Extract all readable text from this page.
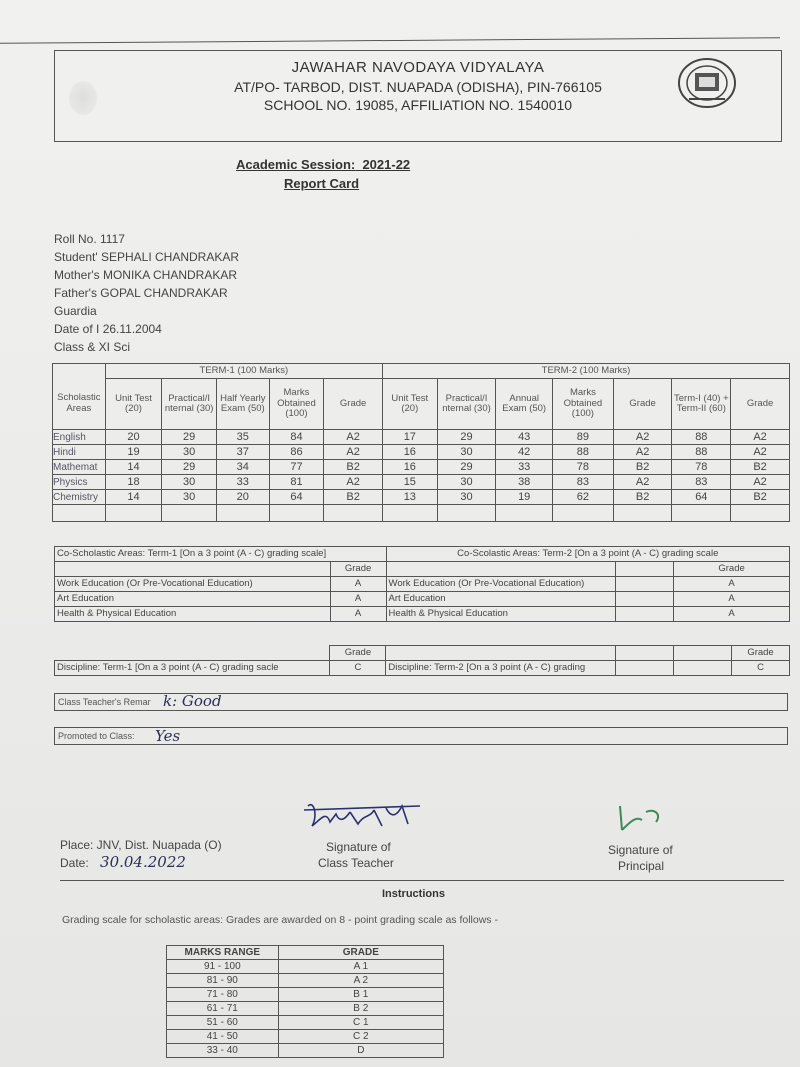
JAWAHAR NAVODAYA VIDYALAYA
AT/PO- TARBOD, DIST. NUAPADA (ODISHA), PIN-766105
SCHOOL NO. 19085, AFFILIATION NO. 1540010
Academic Session: 2021-22
Report Card
Roll No. 1117
Student' SEPHALI CHANDRAKAR
Mother's MONIKA CHANDRAKAR
Father's GOPAL CHANDRAKAR
Guardia
Date of I 26.11.2004
Class & XI Sci
	TERM-1 (100 Marks)					TERM-2 (100 Marks)						
Scholastic Areas	Unit Test (20)	Practical/I nternal (30)	Half Yearly Exam (50)	Marks Obtained (100)	Grade	Unit Test (20)	Practical/I nternal (30)	Annual Exam (50)	Marks Obtained (100)	Grade	Term-I (40) + Term-II (60)	Grade
English	20	29	35	84	A2	17	29	43	89	A2	88	A2
Hindi	19	30	37	86	A2	16	30	42	88	A2	88	A2
Mathemat	14	29	34	77	B2	16	29	33	78	B2	78	B2
Physics	18	30	33	81	A2	15	30	38	83	A2	83	A2
Chemistry	14	30	20	64	B2	13	30	19	62	B2	64	B2

Co-Scholastic Areas: Term-1 [On a 3 point (A - C) grading scale]		Co-Scolastic Areas: Term-2 [On a 3 point (A - C) grading scale		
	Grade			Grade
Work Education (Or Pre-Vocational Education)	A	Work Education (Or Pre-Vocational Education)		A
Art Education	A	Art Education		A
Health & Physical Education	A	Health & Physical Education		A
	Grade				Grade
Discipline: Term-1 [On a 3 point (A - C) grading sacle	C	Discipline: Term-2 [On a 3 point (A - C) grading			C
Class Teacher's Remar k: Good
Promoted to Class: Yes
Place: JNV, Dist. Nuapada (O)
Date: 30.04.2022
Signature of
Class Teacher
Signature of
Principal
Instructions
Grading scale for scholastic areas: Grades are awarded on 8 - point grading scale as follows -
MARKS RANGE	GRADE
91 - 100	A 1
81 - 90	A 2
71 - 80	B 1
61 - 71	B 2
51 - 60	C 1
41 - 50	C 2
33 - 40	D
